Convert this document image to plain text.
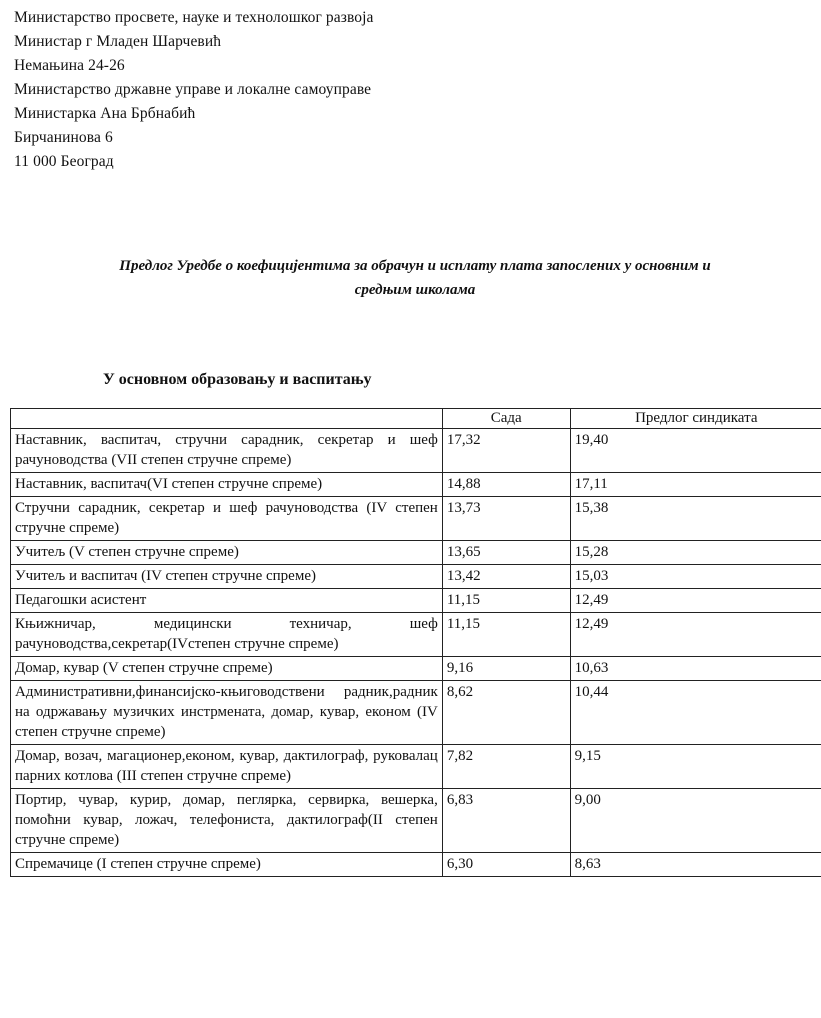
Министарство просвете, науке и технолошког развоја
Министар г Младен Шарчевић
Немањина 24-26
Министарство државне управе и локалне самоуправе
Министарка Ана Брбнабић
Бирчанинова 6
11 000 Београд
Предлог Уредбе о коефицијентима за обрачун и исплату плата запослених у основним и
средњим школама
У основном образовању и васпитању
	Сада	Предлог синдиката
Наставник, васпитач, стручни сарадник, секретар и шеф рачуноводства (VII степен стручне спреме)	17,32	19,40
Наставник, васпитач(VI степен стручне спреме)	14,88	17,11
Стручни сарадник, секретар и шеф рачуноводства (IV степен стручне спреме)	13,73	15,38
Учитељ (V степен стручне спреме)	13,65	15,28
Учитељ и васпитач (IV степен стручне спреме)	13,42	15,03
Педагошки асистент	11,15	12,49
Књижничар, медицински техничар, шеф рачуноводства,секретар(IVстепен стручне спреме)	11,15	12,49
Домар, кувар (V степен стручне спреме)	9,16	10,63
Административни,финансијско-књиговодствени радник,радник на одржавању музичких инстрмената, домар, кувар, економ (IV степен стручне спреме)	8,62	10,44
Домар, возач, магационер,економ, кувар, дактилограф, руковалац парних котлова (III степен стручне спреме)	7,82	9,15
Портир, чувар, курир, домар, пеглярка, сервирка, вешерка, помоћни кувар, ложач, телефониста, дактилограф(II степен стручне спреме)	6,83	9,00
Спремачице (I степен стручне спреме)	6,30	8,63
